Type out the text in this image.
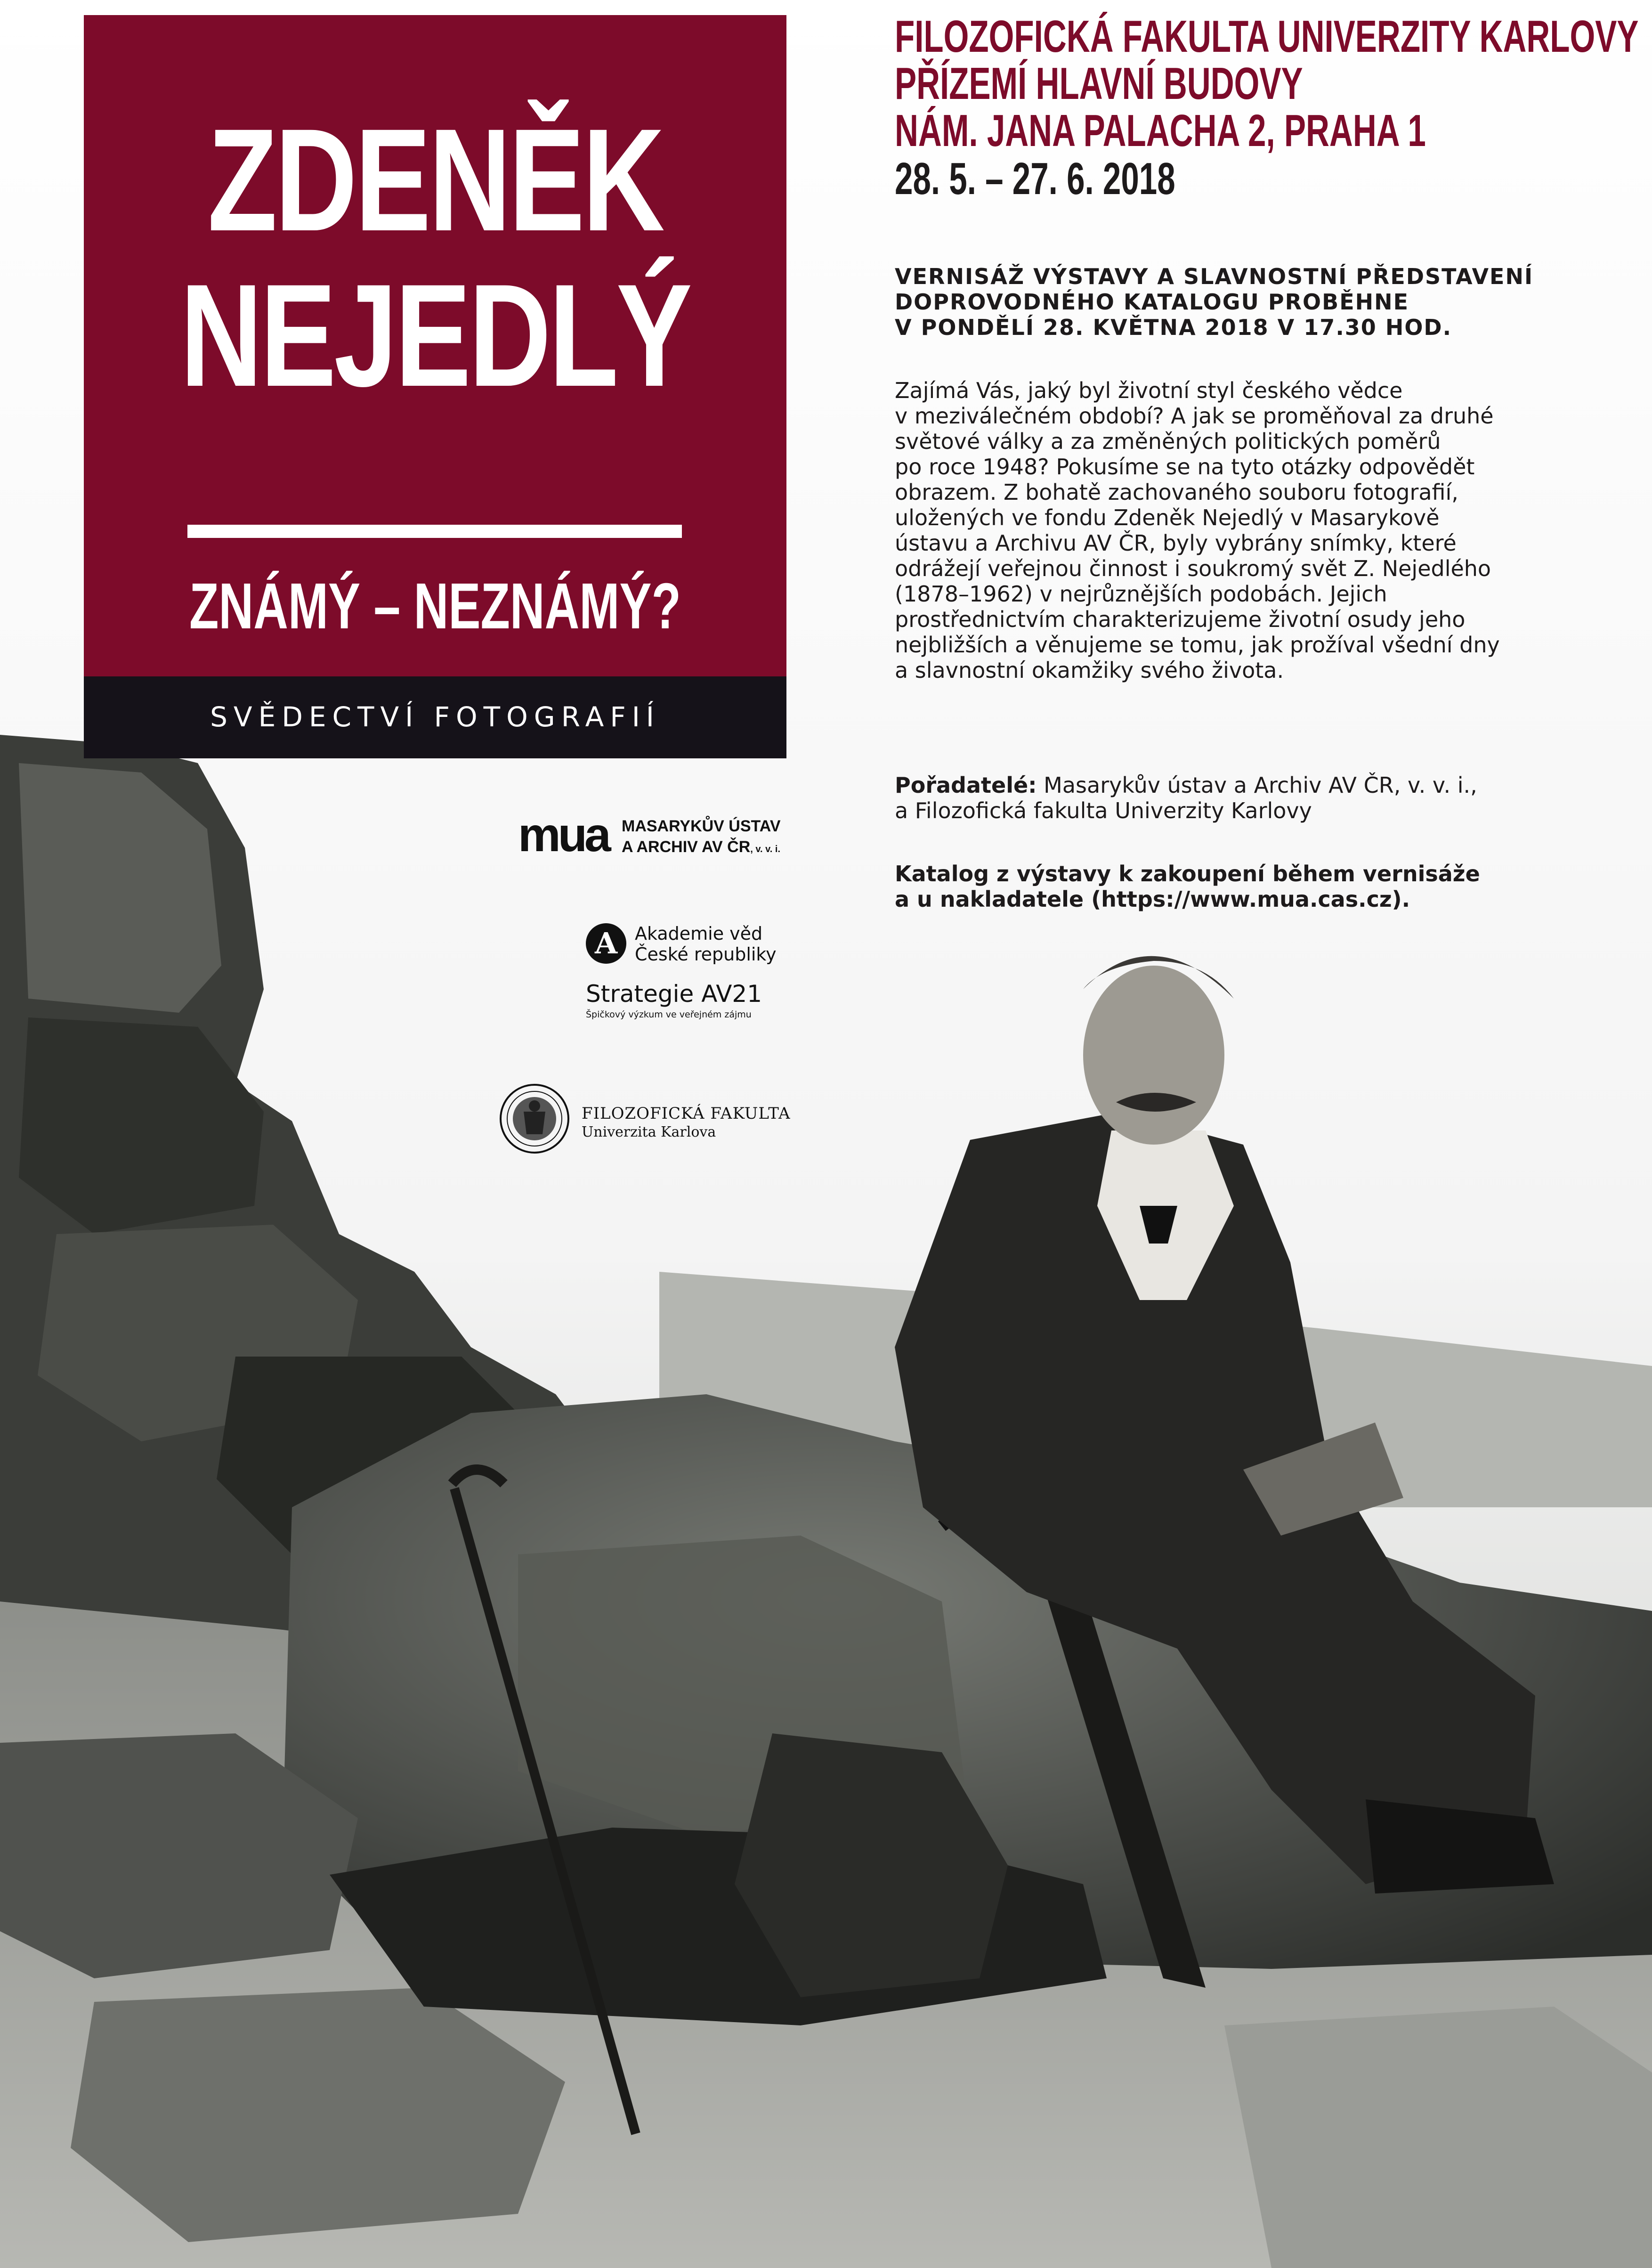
ZDENĚK
NEJEDLÝ
ZNÁMÝ – NEZNÁMÝ?
SVĚDECTVÍ FOTOGRAFIÍ
FILOZOFICKÁ FAKULTA UNIVERZITY KARLOVY
PŘÍZEMÍ HLAVNÍ BUDOVY
NÁM. JANA PALACHA 2, PRAHA 1
28. 5. – 27. 6. 2018
VERNISÁŽ VÝSTAVY A SLAVNOSTNÍ PŘEDSTAVENÍ
DOPROVODNÉHO KATALOGU PROBĚHNE
V PONDĚLÍ 28. KVĚTNA 2018 V 17.30 HOD.
Zajímá Vás, jaký byl životní styl českého vědce
v meziválečném období? A jak se proměňoval za druhé
světové války a za změněných politických poměrů
po roce 1948? Pokusíme se na tyto otázky odpovědět
obrazem. Z bohatě zachovaného souboru fotografií,
uložených ve fondu Zdeněk Nejedlý v Masarykově
ústavu a Archivu AV ČR, byly vybrány snímky, které
odrážejí veřejnou činnost i soukromý svět Z. Nejedlého
(1878–1962) v nejrůznějších podobách. Jejich
prostřednictvím charakterizujeme životní osudy jeho
nejbližších a věnujeme se tomu, jak prožíval všední dny
a slavnostní okamžiky svého života.
Pořadatelé: Masarykův ústav a Archiv AV ČR, v. v. i.,
a Filozofická fakulta Univerzity Karlovy
Katalog z výstavy k zakoupení během vernisáže
a u nakladatele (https://www.mua.cas.cz).
mua MASARYKŮV ÚSTAV
A ARCHIV AV ČR, v. v. i.
A Akademie věd
České republiky
Strategie AV21
Špičkový výzkum ve veřejném zájmu
FILOZOFICKÁ FAKULTA
Univerzita Karlova
